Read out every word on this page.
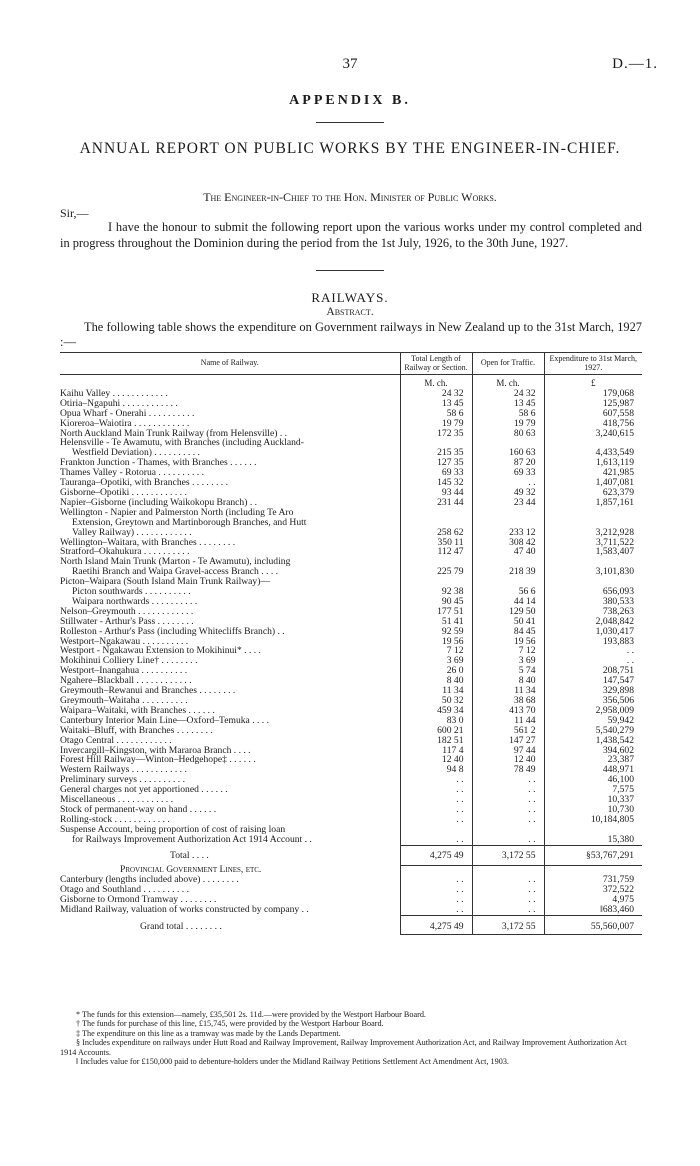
37	D.—1.
APPENDIX B.
ANNUAL REPORT ON PUBLIC WORKS BY THE ENGINEER-IN-CHIEF.
The Engineer-in-Chief to the Hon. Minister of Public Works.
Sir,—

I have the honour to submit the following report upon the various works under my control completed and in progress throughout the Dominion during the period from the 1st July, 1926, to the 30th June, 1927.

RAILWAYS.
Abstract.

The following table shows the expenditure on Government railways in New Zealand up to the 31st March, 1927 :—

Name of Railway.	Total Length of Railway or Section.	Open for Traffic.	Expenditure to 31st March, 1927.
	M. ch.	M. ch.	£
Kaihu Valley . . . . . . . . . . . .	24 32	24 32	179,068
Otiria–Ngapuhi . . . . . . . . . . . .	13 45	13 45	125,987
Opua Wharf - Onerahi . . . . . . . . . .	58 6	58 6	607,558
Kioreroa–Waiotira . . . . . . . . . . . .	19 79	19 79	418,756
North Auckland Main Trunk Railway (from Helensville) . .	172 35	80 63	3,240,615
Helensville - Te Awamutu, with Branches (including Auckland-			
Westfield Deviation) . . . . . . . . . .	215 35	160 63	4,433,549
Frankton Junction - Thames, with Branches . . . . . .	127 35	87 20	1,613,119
Thames Valley - Rotorua . . . . . . . . . .	69 33	69 33	421,985
Tauranga–Opotiki, with Branches . . . . . . . .	145 32	. .	1,407,081
Gisborne–Opotiki . . . . . . . . . . . .	93 44	49 32	623,379
Napier–Gisborne (including Waikokopu Branch) . .	231 44	23 44	1,857,161
Wellington - Napier and Palmerston North (including Te Aro			
Extension, Greytown and Martinborough Branches, and Hutt			
Valley Railway) . . . . . . . . . . . .	258 62	233 12	3,212,928
Wellington–Waitara, with Branches . . . . . . . .	350 11	308 42	3,711,522
Stratford–Okahukura . . . . . . . . . .	112 47	47 40	1,583,407
North Island Main Trunk (Marton - Te Awamutu), including			
Raetihi Branch and Waipa Gravel-access Branch . . . .	225 79	218 39	3,101,830
Picton–Waipara (South Island Main Trunk Railway)—			
Picton southwards . . . . . . . . . .	92 38	56 6	656,093
Waipara northwards . . . . . . . . . .	90 45	44 14	380,533
Nelson–Greymouth . . . . . . . . . . . .	177 51	129 50	738,263
Stillwater - Arthur's Pass . . . . . . . .	51 41	50 41	2,048,842
Rolleston - Arthur's Pass (including Whitecliffs Branch) . .	92 59	84 45	1,030,417
Westport–Ngakawau . . . . . . . . . .	19 56	19 56	193,883
Westport - Ngakawau Extension to Mokihinui* . . . .	7 12	7 12	. .
Mokihinui Colliery Line† . . . . . . . .	3 69	3 69	. .
Westport–Inangahua . . . . . . . . . .	26 0	5 74	208,751
Ngahere–Blackball . . . . . . . . . . . .	8 40	8 40	147,547
Greymouth–Rewanui and Branches . . . . . . . .	11 34	11 34	329,898
Greymouth–Waitaha . . . . . . . . . .	50 32	38 68	356,506
Waipara–Waitaki, with Branches . . . . . .	459 34	413 70	2,958,009
Canterbury Interior Main Line—Oxford–Temuka . . . .	83 0	11 44	59,942
Waitaki–Bluff, with Branches . . . . . . . .	600 21	561 2	5,540,279
Otago Central . . . . . . . . . . . .	182 51	147 27	1,438,542
Invercargill–Kingston, with Mararoa Branch . . . .	117 4	97 44	394,602
Forest Hill Railway—Winton–Hedgehope‡ . . . . . .	12 40	12 40	23,387
Western Railways . . . . . . . . . . . .	94 8	78 49	448,971
Preliminary surveys . . . . . . . . . .	. .	. .	46,100
General charges not yet apportioned . . . . . .	. .	. .	7,575
Miscellaneous . . . . . . . . . . . .	. .	. .	10,337
Stock of permanent-way on hand . . . . . .	. .	. .	10,730
Rolling-stock . . . . . . . . . . . .	. .	. .	10,184,805
Suspense Account, being proportion of cost of raising loan			
for Railways Improvement Authorization Act 1914 Account . .	. .	. .	15,380
Total . . . .	4,275 49	3,172 55	§53,767,291
Provincial Government Lines, etc.			
Canterbury (lengths included above) . . . . . . . .	. .	. .	731,759
Otago and Southland . . . . . . . . . .	. .	. .	372,522
Gisborne to Ormond Tramway . . . . . . . .	. .	. .	4,975
Midland Railway, valuation of works constructed by company . .	. .	. .	‖683,460
Grand total . . . . . . . .	4,275 49	3,172 55	55,560,007

* The funds for this extension—namely, £35,501 2s. 11d.—were provided by the Westport Harbour Board.

† The funds for purchase of this line, £15,745, were provided by the Westport Harbour Board.

‡ The expenditure on this line as a tramway was made by the Lands Department.

§ Includes expenditure on railways under Hutt Road and Railway Improvement, Railway Improvement Authorization Act, and Railway Improvement Authorization Act 1914 Accounts.

‖ Includes value for £150,000 paid to debenture-holders under the Midland Railway Petitions Settlement Act Amendment Act, 1903.
